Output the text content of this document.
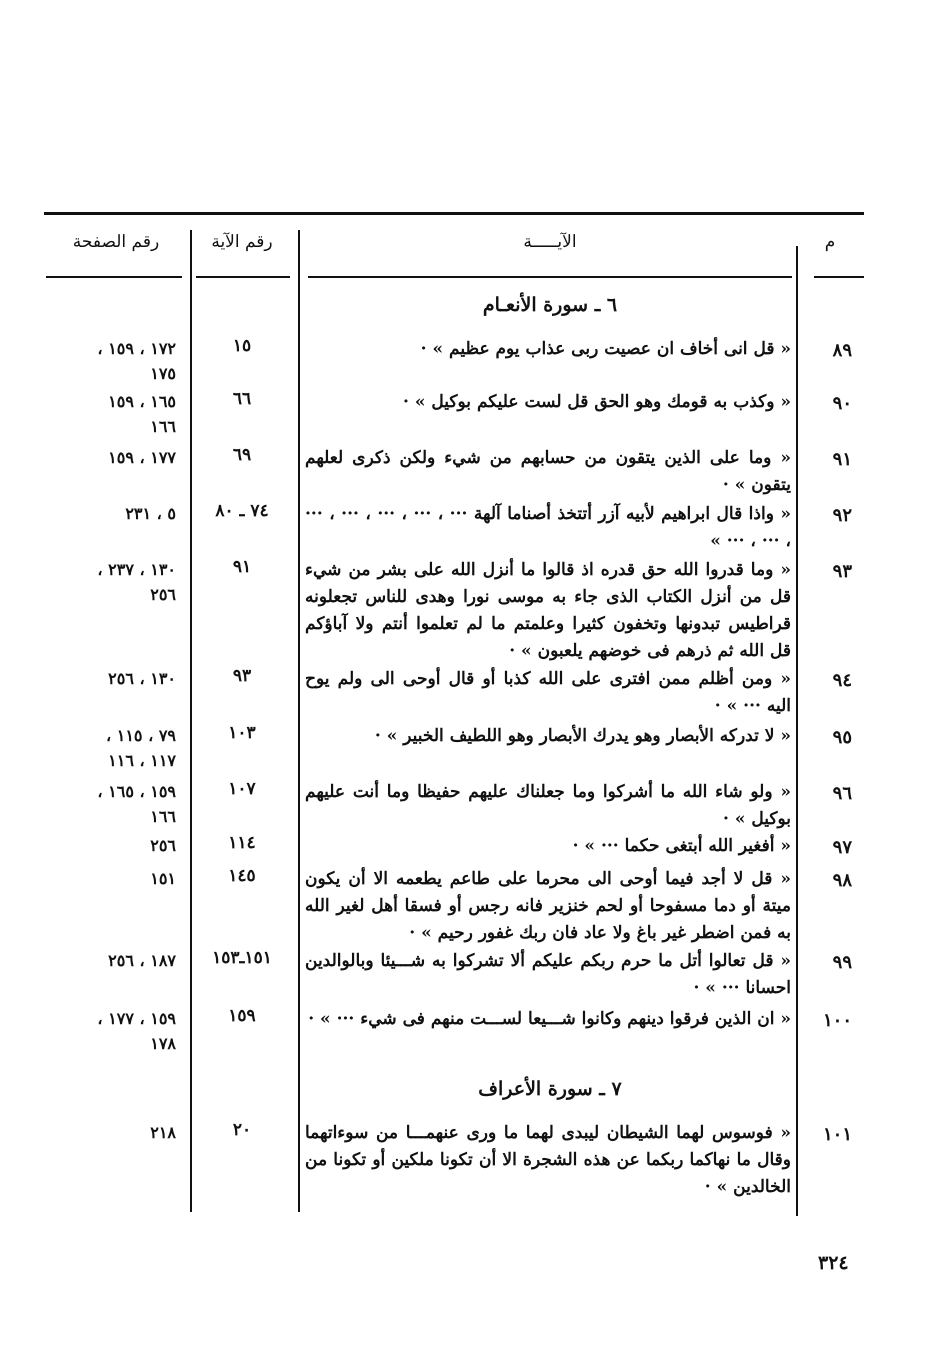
م
الآيـــــة
رقم الآية
رقم الصفحة
٦ ـ سورة الأنعـام
٨٩
« قل انى أخاف ان عصيت ربى عذاب يوم عظيم » ·
١٥
١٧٢ ، ١٥٩ ،
١٧٥
٩٠
« وكذب به قومك وهو الحق قل لست عليكم بوكيل » ·
٦٦
١٦٥ ، ١٥٩
١٦٦
٩١
« وما على الذين يتقون من حسابهم من شيء ولكن ذكرى لعلهم يتقون » ·
٦٩
١٧٧ ، ١٥٩
٩٢
« واذا قال ابراهيم لأبيه آزر أتتخذ أصناما آلهة ··· ، ··· ، ··· ، ··· ، ··· ، ··· ، ··· »
٧٤ ـ ٨٠
٥ ، ٢٣١
٩٣
« وما قدروا الله حق قدره اذ قالوا ما أنزل الله على بشر من شيء قل من أنزل الكتاب الذى جاء به موسى نورا وهدى للناس تجعلونه قراطيس تبدونها وتخفون كثيرا وعلمتم ما لم تعلموا أنتم ولا آباؤكم قل الله ثم ذرهم فى خوضهم يلعبون » ·
٩١
١٣٠ ، ٢٣٧ ،
٢٥٦
٩٤
« ومن أظلم ممن افترى على الله كذبا أو قال أوحى الى ولم يوح اليه ··· » ·
٩٣
١٣٠ ، ٢٥٦
٩٥
« لا تدركه الأبصار وهو يدرك الأبصار وهو اللطيف الخبير » ·
١٠٣
٧٩ ، ١١٥ ،
١١٧ ، ١١٦
٩٦
« ولو شاء الله ما أشركوا وما جعلناك عليهم حفيظا وما أنت عليهم بوكيل » ·
١٠٧
١٥٩ ، ١٦٥ ،
١٦٦
٩٧
« أفغير الله أبتغى حكما ··· » ·
١١٤
٢٥٦
٩٨
« قل لا أجد فيما أوحى الى محرما على طاعم يطعمه الا أن يكون ميتة أو دما مسفوحا أو لحم خنزير فانه رجس أو فسقا أهل لغير الله به فمن اضطر غير باغ ولا عاد فان ربك غفور رحيم » ·
١٤٥
١٥١
٩٩
« قل تعالوا أتل ما حرم ربكم عليكم ألا تشركوا به شـــيئا وبالوالدين احسانا ··· » ·
١٥١ـ١٥٣
١٨٧ ، ٢٥٦
١٠٠
« ان الذين فرقوا دينهم وكانوا شـــيعا لســـت منهم فى شيء ··· » ·
١٥٩
١٥٩ ، ١٧٧ ،
١٧٨
٧ ـ سورة الأعراف
١٠١
« فوسوس لهما الشيطان ليبدى لهما ما ورى عنهمـــا من سوءاتهما وقال ما نهاكما ربكما عن هذه الشجرة الا أن تكونا ملكين أو تكونا من الخالدين » ·
٢٠
٢١٨
٣٢٤
